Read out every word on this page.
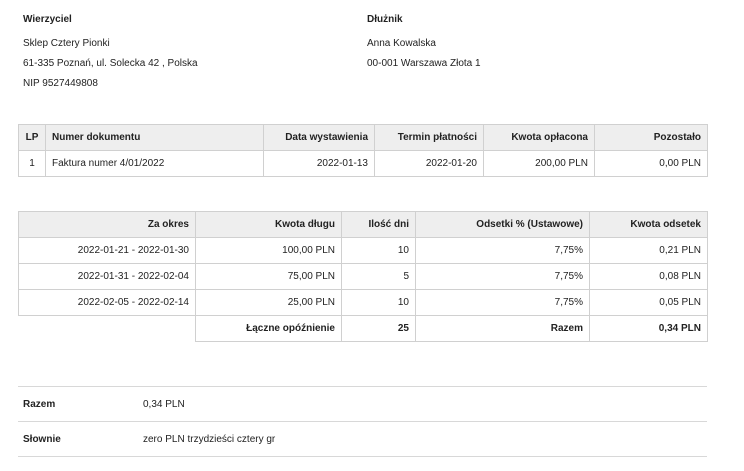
Wierzyciel
Sklep Cztery Pionki
61-335 Poznań, ul. Solecka 42 , Polska
NIP 9527449808
Dłużnik
Anna Kowalska
00-001 Warszawa Złota 1
LP	Numer dokumentu	Data wystawienia	Termin płatności	Kwota opłacona	Pozostało
1	Faktura numer 4/01/2022	2022-01-13	2022-01-20	200,00 PLN	0,00 PLN
Za okres	Kwota długu	Ilość dni	Odsetki % (Ustawowe)	Kwota odsetek
2022-01-21 - 2022-01-30	100,00 PLN	10	7,75%	0,21 PLN
2022-01-31 - 2022-02-04	75,00 PLN	5	7,75%	0,08 PLN
2022-02-05 - 2022-02-14	25,00 PLN	10	7,75%	0,05 PLN
	Łączne opóźnienie	25	Razem	0,34 PLN
Razem	0,34 PLN
Słownie	zero PLN trzydzieści cztery gr
